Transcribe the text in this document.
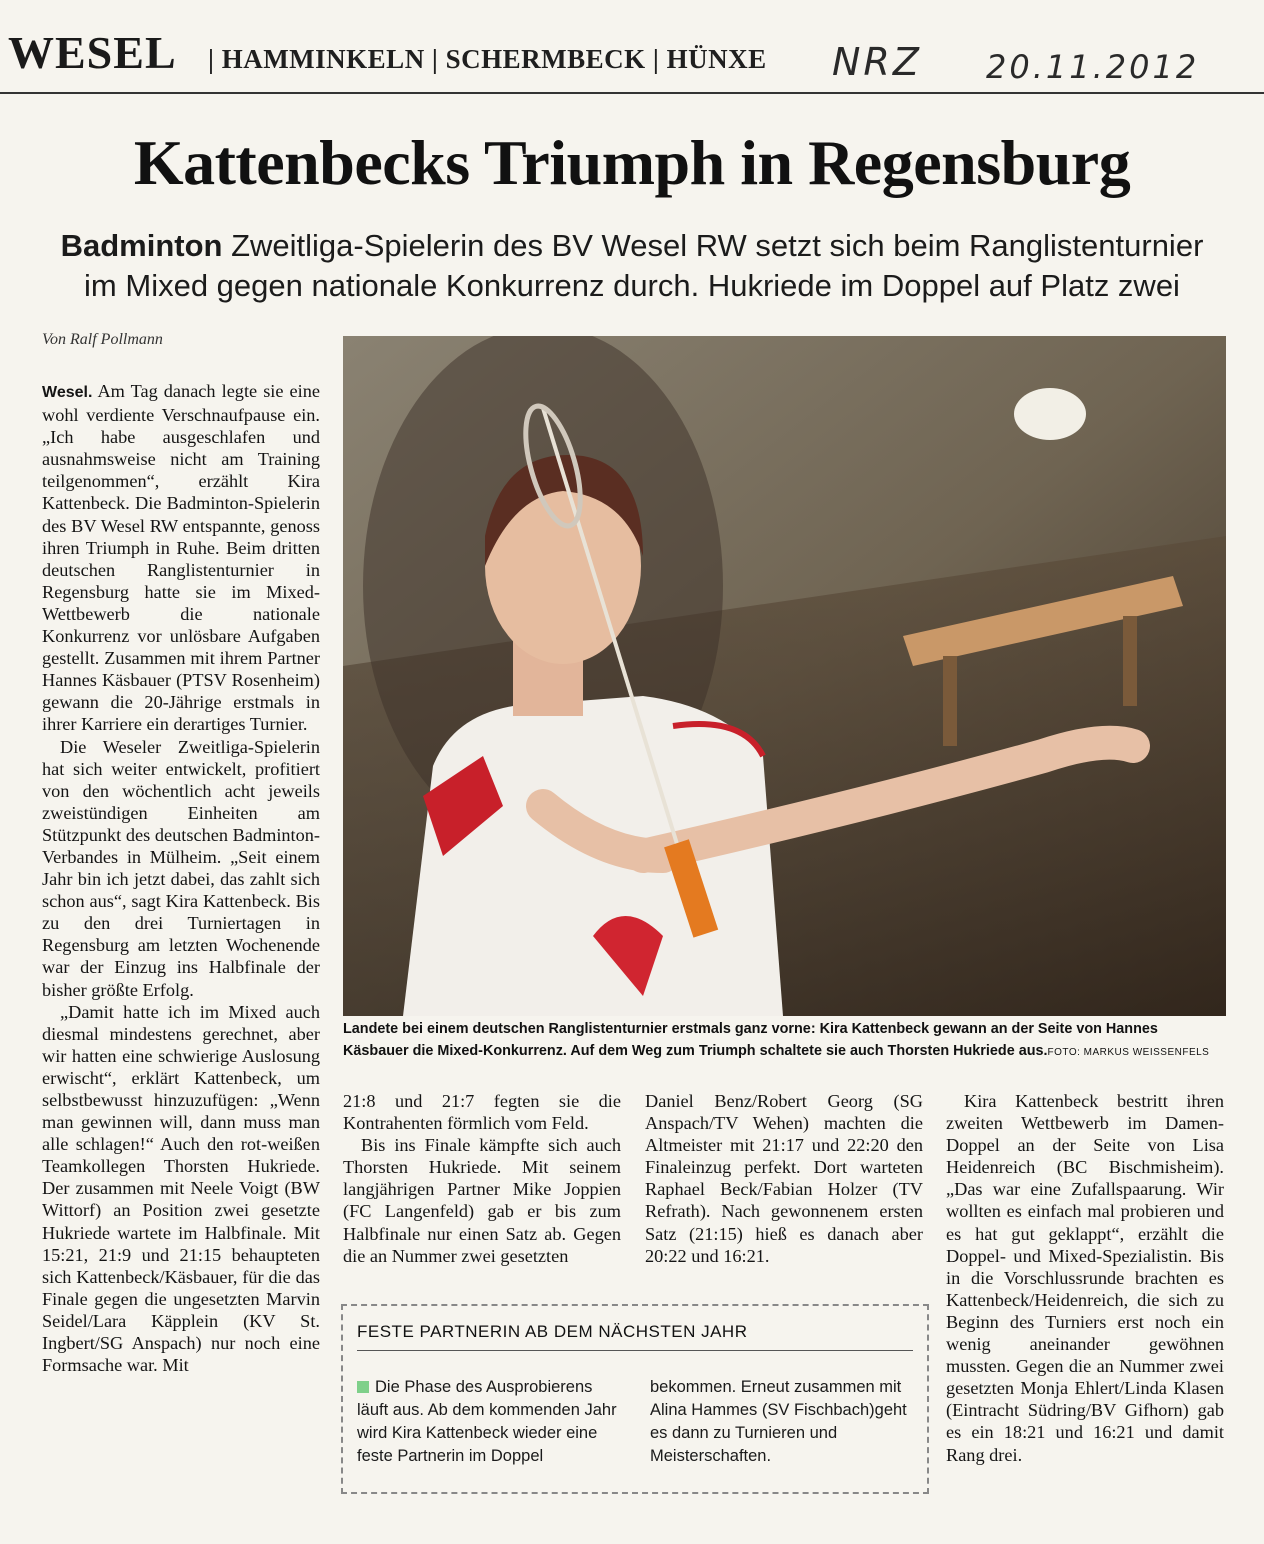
WESEL | HAMMINKELN | SCHERMBECK | HÜNXE NRZ 20.11.2012
Kattenbecks Triumph in Regensburg
Badminton Zweitliga-Spielerin des BV Wesel RW setzt sich beim Ranglistenturnier im Mixed gegen nationale Konkurrenz durch. Hukriede im Doppel auf Platz zwei
Von Ralf Pollmann

Wesel. Am Tag danach legte sie eine wohl verdiente Verschnaufpause ein. „Ich habe ausgeschlafen und ausnahmsweise nicht am Training teilgenommen“, erzählt Kira Kattenbeck. Die Badminton-Spielerin des BV Wesel RW entspannte, genoss ihren Triumph in Ruhe. Beim dritten deutschen Ranglistenturnier in Regensburg hatte sie im Mixed-Wettbewerb die nationale Konkurrenz vor unlösbare Aufgaben gestellt. Zusammen mit ihrem Partner Hannes Käsbauer (PTSV Rosenheim) gewann die 20-Jährige erstmals in ihrer Karriere ein derartiges Turnier.

Die Weseler Zweitliga-Spielerin hat sich weiter entwickelt, profitiert von den wöchentlich acht jeweils zweistündigen Einheiten am Stützpunkt des deutschen Badminton-Verbandes in Mülheim. „Seit einem Jahr bin ich jetzt dabei, das zahlt sich schon aus“, sagt Kira Kattenbeck. Bis zu den drei Turniertagen in Regensburg am letzten Wochenende war der Einzug ins Halbfinale der bisher größte Erfolg.

„Damit hatte ich im Mixed auch diesmal mindestens gerechnet, aber wir hatten eine schwierige Auslosung erwischt“, erklärt Kattenbeck, um selbstbewusst hinzuzufügen: „Wenn man gewinnen will, dann muss man alle schlagen!“ Auch den rot-weißen Teamkollegen Thorsten Hukriede. Der zusammen mit Neele Voigt (BW Wittorf) an Position zwei gesetzte Hukriede wartete im Halbfinale. Mit 15:21, 21:9 und 21:15 behaupteten sich Kattenbeck/Käsbauer, für die das Finale gegen die ungesetzten Marvin Seidel/Lara Käpplein (KV St. Ingbert/SG Anspach) nur noch eine Formsache war. Mit

Landete bei einem deutschen Ranglistenturnier erstmals ganz vorne: Kira Kattenbeck gewann an der Seite von Hannes Käsbauer die Mixed-Konkurrenz. Auf dem Weg zum Triumph schaltete sie auch Thorsten Hukriede aus.FOTO: MARKUS WEISSENFELS

21:8 und 21:7 fegten sie die Kontrahenten förmlich vom Feld.

Bis ins Finale kämpfte sich auch Thorsten Hukriede. Mit seinem langjährigen Partner Mike Joppien (FC Langenfeld) gab er bis zum Halbfinale nur einen Satz ab. Gegen die an Nummer zwei gesetzten

Daniel Benz/Robert Georg (SG Anspach/TV Wehen) machten die Altmeister mit 21:17 und 22:20 den Finaleinzug perfekt. Dort warteten Raphael Beck/Fabian Holzer (TV Refrath). Nach gewonnenem ersten Satz (21:15) hieß es danach aber 20:22 und 16:21.

Kira Kattenbeck bestritt ihren zweiten Wettbewerb im Damen-Doppel an der Seite von Lisa Heidenreich (BC Bischmisheim). „Das war eine Zufallspaarung. Wir wollten es einfach mal probieren und es hat gut geklappt“, erzählt die Doppel- und Mixed-Spezialistin. Bis in die Vorschlussrunde brachten es Kattenbeck/Heidenreich, die sich zu Beginn des Turniers erst noch ein wenig aneinander gewöhnen mussten. Gegen die an Nummer zwei gesetzten Monja Ehlert/Linda Klasen (Eintracht Südring/BV Gifhorn) gab es ein 18:21 und 16:21 und damit Rang drei.

FESTE PARTNERIN AB DEM NÄCHSTEN JAHR
Die Phase des Ausprobierens läuft aus. Ab dem kommenden Jahr wird Kira Kattenbeck wieder eine feste Partnerin im Doppel
bekommen. Erneut zusammen mit Alina Hammes (SV Fischbach)geht es dann zu Turnieren und Meisterschaften.
